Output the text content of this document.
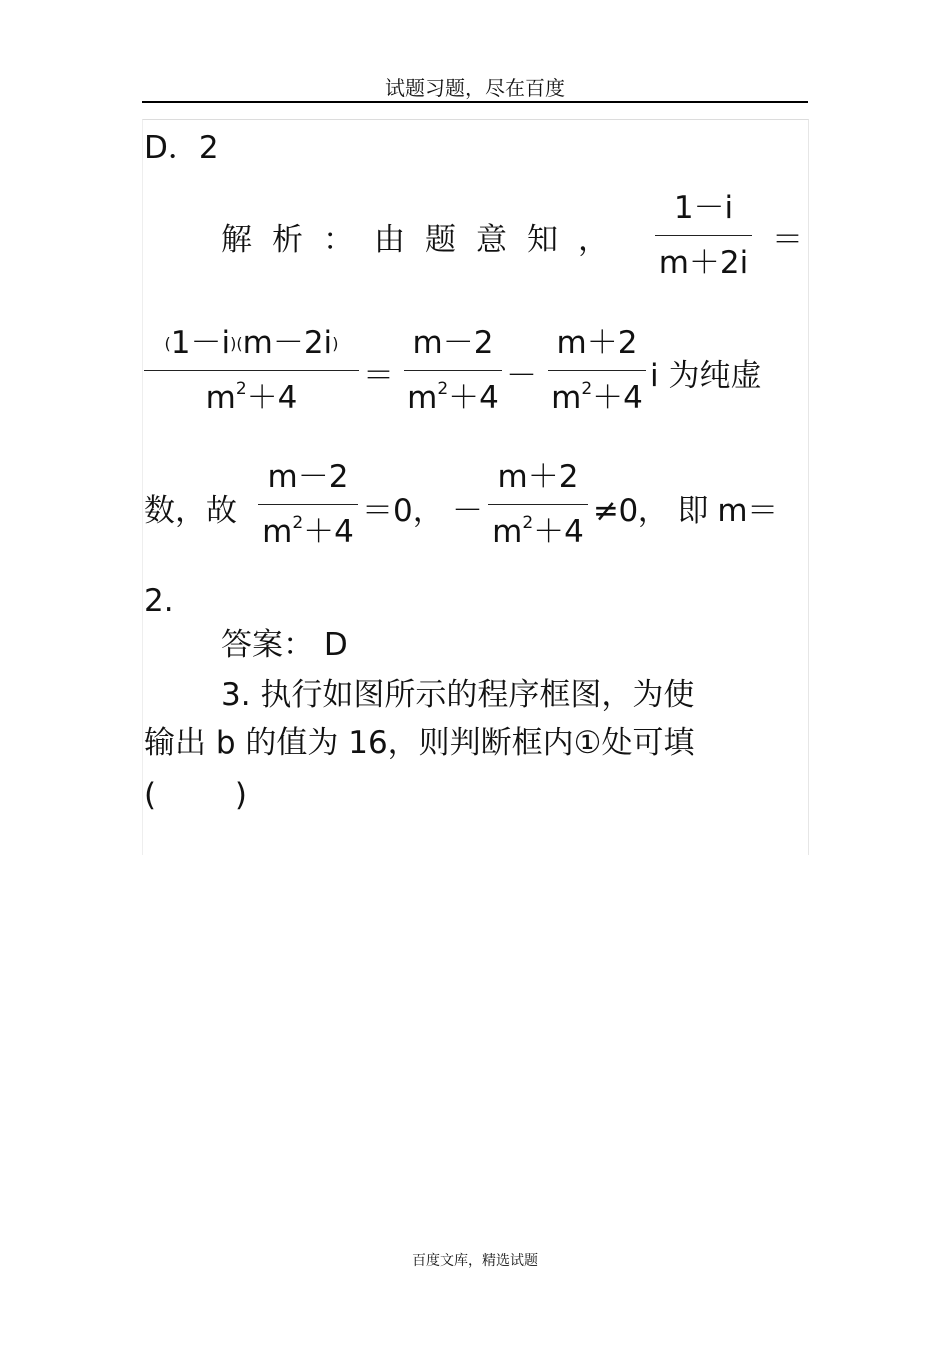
试题习题，尽在百度
D．2
解析：由题意知，
1－i
m＋2i
＝
(1－i)(m－2i)
$m^2+4$
＝
m－2
$m^2+4$
－
m＋2
$m^2+4$
i 为纯虚
数，故
m－2
$m^2+4$
＝0， －
m＋2
$m^2+4$
≠0， 即 m＝
2.
答案： D
3. 执行如图所示的程序框图，为使
输出 b 的值为 16，则判断框内①处可填
(        )
百度文库，精选试题
